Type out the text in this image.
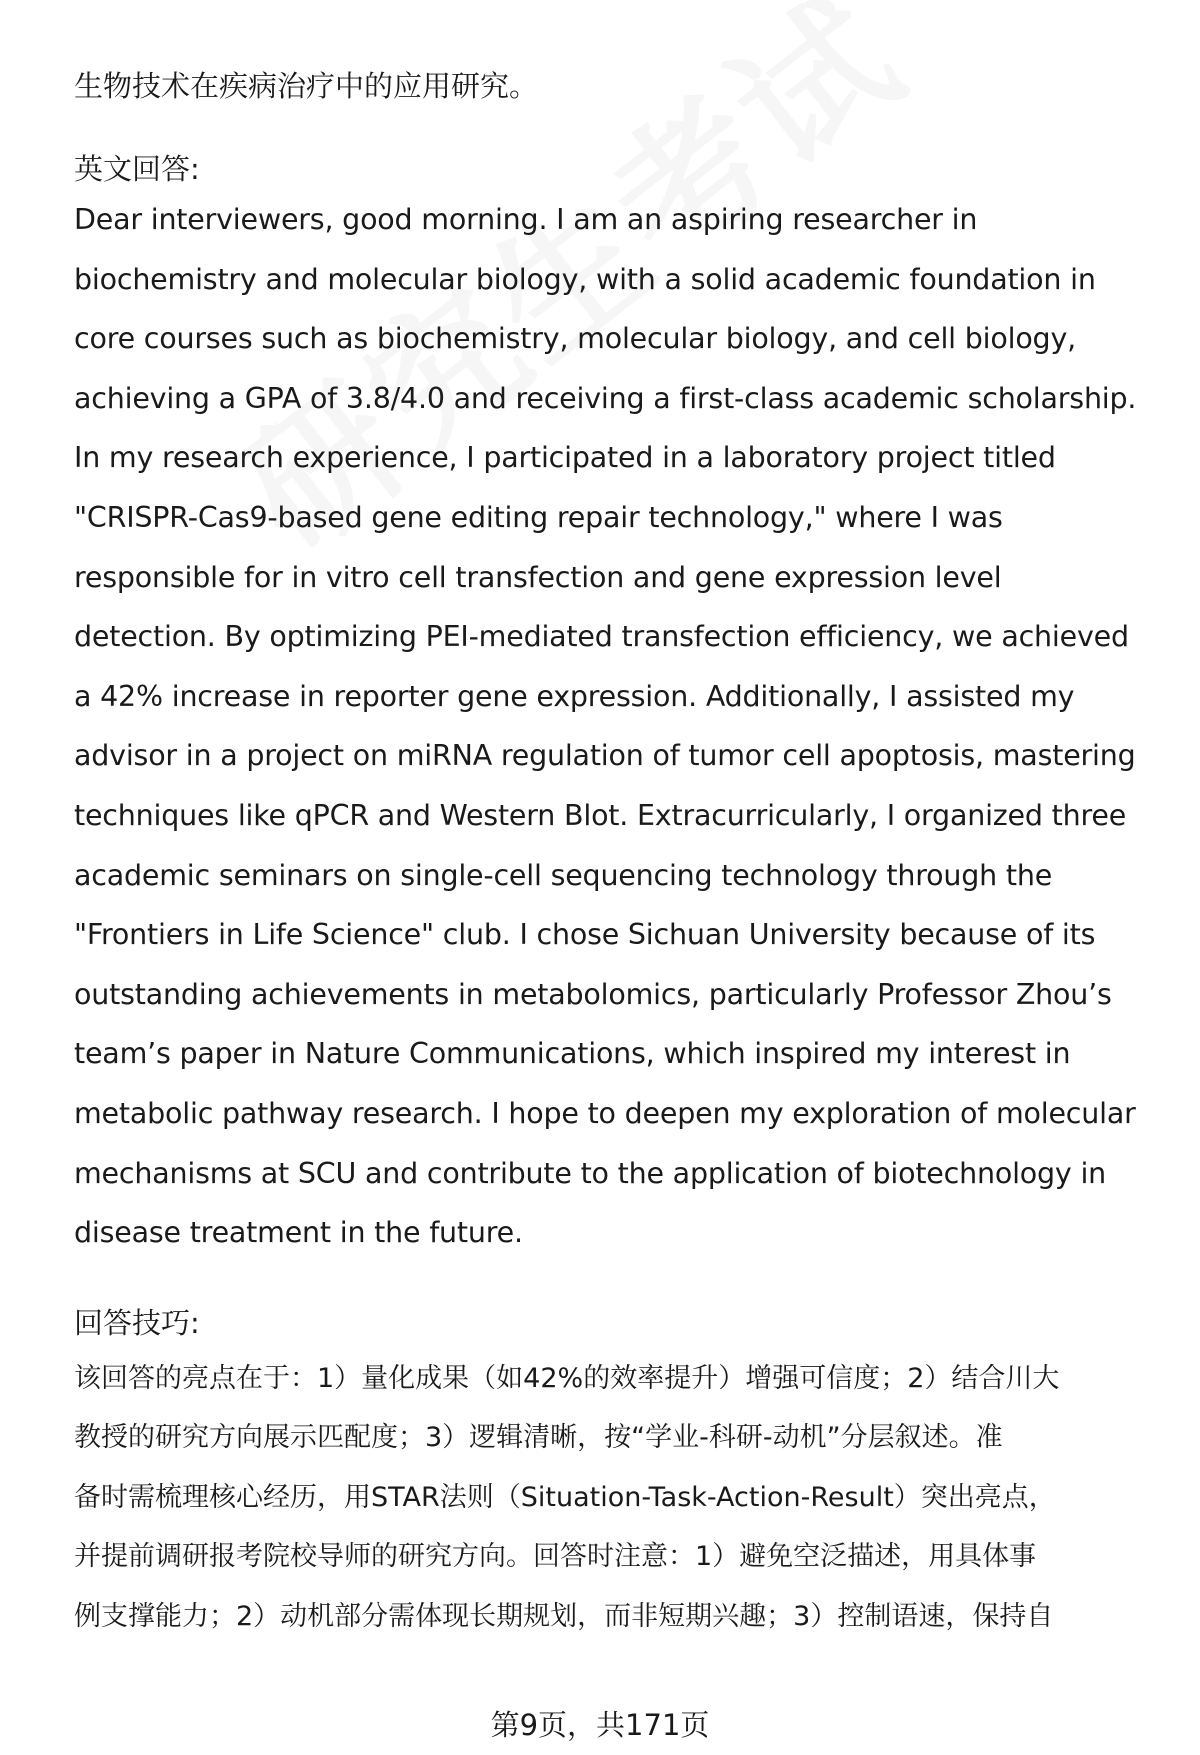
生物技术在疾病治疗中的应用研究。

英文回答:

Dear interviewers, good morning. I am an aspiring researcher in
biochemistry and molecular biology, with a solid academic foundation in
core courses such as biochemistry, molecular biology, and cell biology,
achieving a GPA of 3.8/4.0 and receiving a first-class academic scholarship.
In my research experience, I participated in a laboratory project titled
"CRISPR-Cas9-based gene editing repair technology," where I was
responsible for in vitro cell transfection and gene expression level
detection. By optimizing PEI-mediated transfection efficiency, we achieved
a 42% increase in reporter gene expression. Additionally, I assisted my
advisor in a project on miRNA regulation of tumor cell apoptosis, mastering
techniques like qPCR and Western Blot. Extracurricularly, I organized three
academic seminars on single-cell sequencing technology through the
"Frontiers in Life Science" club. I chose Sichuan University because of its
outstanding achievements in metabolomics, particularly Professor Zhou’s
team’s paper in Nature Communications, which inspired my interest in
metabolic pathway research. I hope to deepen my exploration of molecular
mechanisms at SCU and contribute to the application of biotechnology in
disease treatment in the future.

回答技巧:

该回答的亮点在于：1）量化成果（如42%的效率提升）增强可信度；2）结合川大
教授的研究方向展示匹配度；3）逻辑清晰，按“学业-科研-动机”分层叙述。准
备时需梳理核心经历，用STAR法则（Situation-Task-Action-Result）突出亮点，
并提前调研报考院校导师的研究方向。回答时注意：1）避免空泛描述，用具体事
例支撑能力；2）动机部分需体现长期规划，而非短期兴趣；3）控制语速，保持自
第9页，共171页
